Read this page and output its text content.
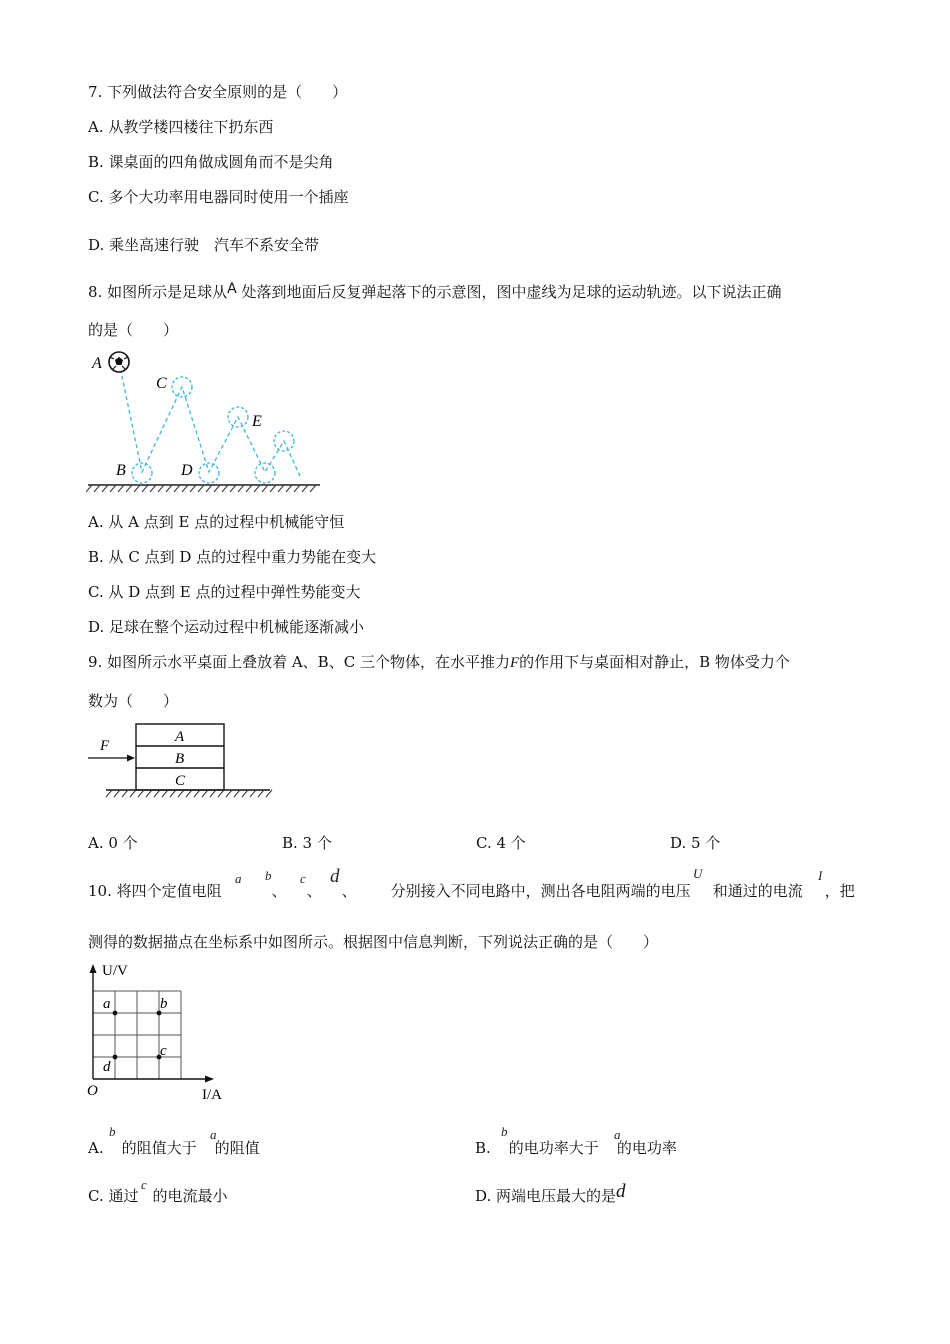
7. 下列做法符合安全原则的是（　　）
A. 从教学楼四楼往下扔东西
B. 课桌面的四角做成圆角而不是尖角
C. 多个大功率用电器同时使用一个插座
D. 乘坐高速行驶　汽车不系安全带
8. 如图所示是足球从A 处落到地面后反复弹起落下的示意图，图中虚线为足球的运动轨迹。以下说法正确
的是（　　）
A
C
B	D
E
A. 从 A 点到 E 点的过程中机械能守恒
B. 从 C 点到 D 点的过程中重力势能在变大
C. 从 D 点到 E 点的过程中弹性势能变大
D. 足球在整个运动过程中机械能逐渐减小
9. 如图所示水平桌面上叠放着 A、B、C 三个物体，在水平推力F的作用下与桌面相对静止，B 物体受力个
数为（　　）
F
A
B
C
A. 0 个	B. 3 个	C. 4 个	D. 5 个
10. 将四个定值电阻	、 、 、 分别接入不同电路中，测出各电阻两端的电压 和通过的电流 ，把
a b c d	U	I
测得的数据描点在坐标系中如图所示。根据图中信息判断，下列说法正确的是（　　）
U/V
I/A
O
a	b
c
d
A. 的阻值大于 的阻值
b	a
B. 的电功率大于 的电功率
b	a
C. 通过 的电流最小
c
D. 两端电压最大的是d
